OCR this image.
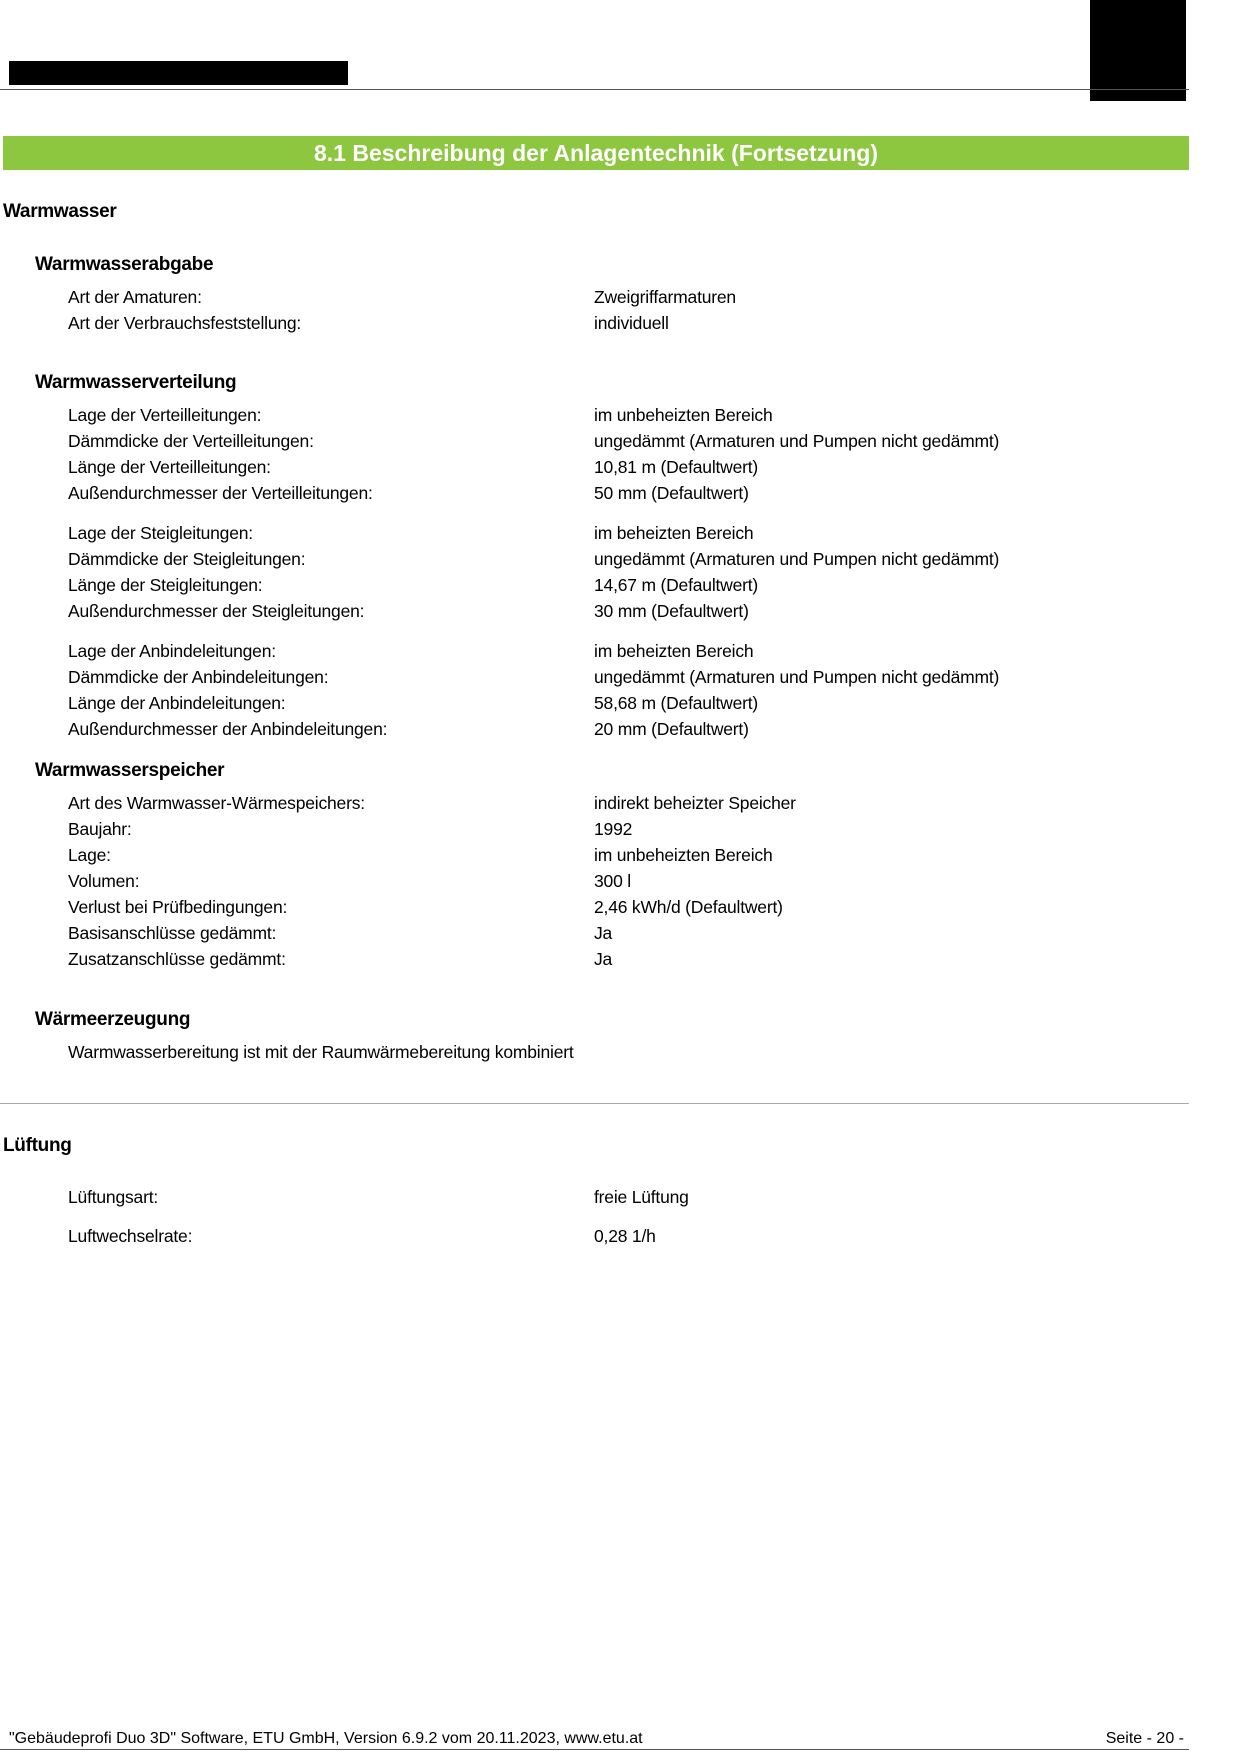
8.1 Beschreibung der Anlagentechnik (Fortsetzung)
Warmwasser
Warmwasserabgabe
Art der Amaturen:	Zweigriffarmaturen
Art der Verbrauchsfeststellung:	individuell
Warmwasserverteilung
Lage der Verteilleitungen:	im unbeheizten Bereich
Dämmdicke der Verteilleitungen:	ungedämmt (Armaturen und Pumpen nicht gedämmt)
Länge der Verteilleitungen:	10,81 m (Defaultwert)
Außendurchmesser der Verteilleitungen:	50 mm (Defaultwert)
Lage der Steigleitungen:	im beheizten Bereich
Dämmdicke der Steigleitungen:	ungedämmt (Armaturen und Pumpen nicht gedämmt)
Länge der Steigleitungen:	14,67 m (Defaultwert)
Außendurchmesser der Steigleitungen:	30 mm (Defaultwert)
Lage der Anbindeleitungen:	im beheizten Bereich
Dämmdicke der Anbindeleitungen:	ungedämmt (Armaturen und Pumpen nicht gedämmt)
Länge der Anbindeleitungen:	58,68 m (Defaultwert)
Außendurchmesser der Anbindeleitungen:	20 mm (Defaultwert)
Warmwasserspeicher
Art des Warmwasser-Wärmespeichers:	indirekt beheizter Speicher
Baujahr:	1992
Lage:	im unbeheizten Bereich
Volumen:	300 l
Verlust bei Prüfbedingungen:	2,46 kWh/d (Defaultwert)
Basisanschlüsse gedämmt:	Ja
Zusatzanschlüsse gedämmt:	Ja
Wärmeerzeugung
Warmwasserbereitung ist mit der Raumwärmebereitung kombiniert
Lüftung
Lüftungsart:	freie Lüftung
Luftwechselrate:	0,28 1/h
"Gebäudeprofi Duo 3D" Software, ETU GmbH, Version 6.9.2 vom 20.11.2023, www.etu.at	Seite - 20 -
